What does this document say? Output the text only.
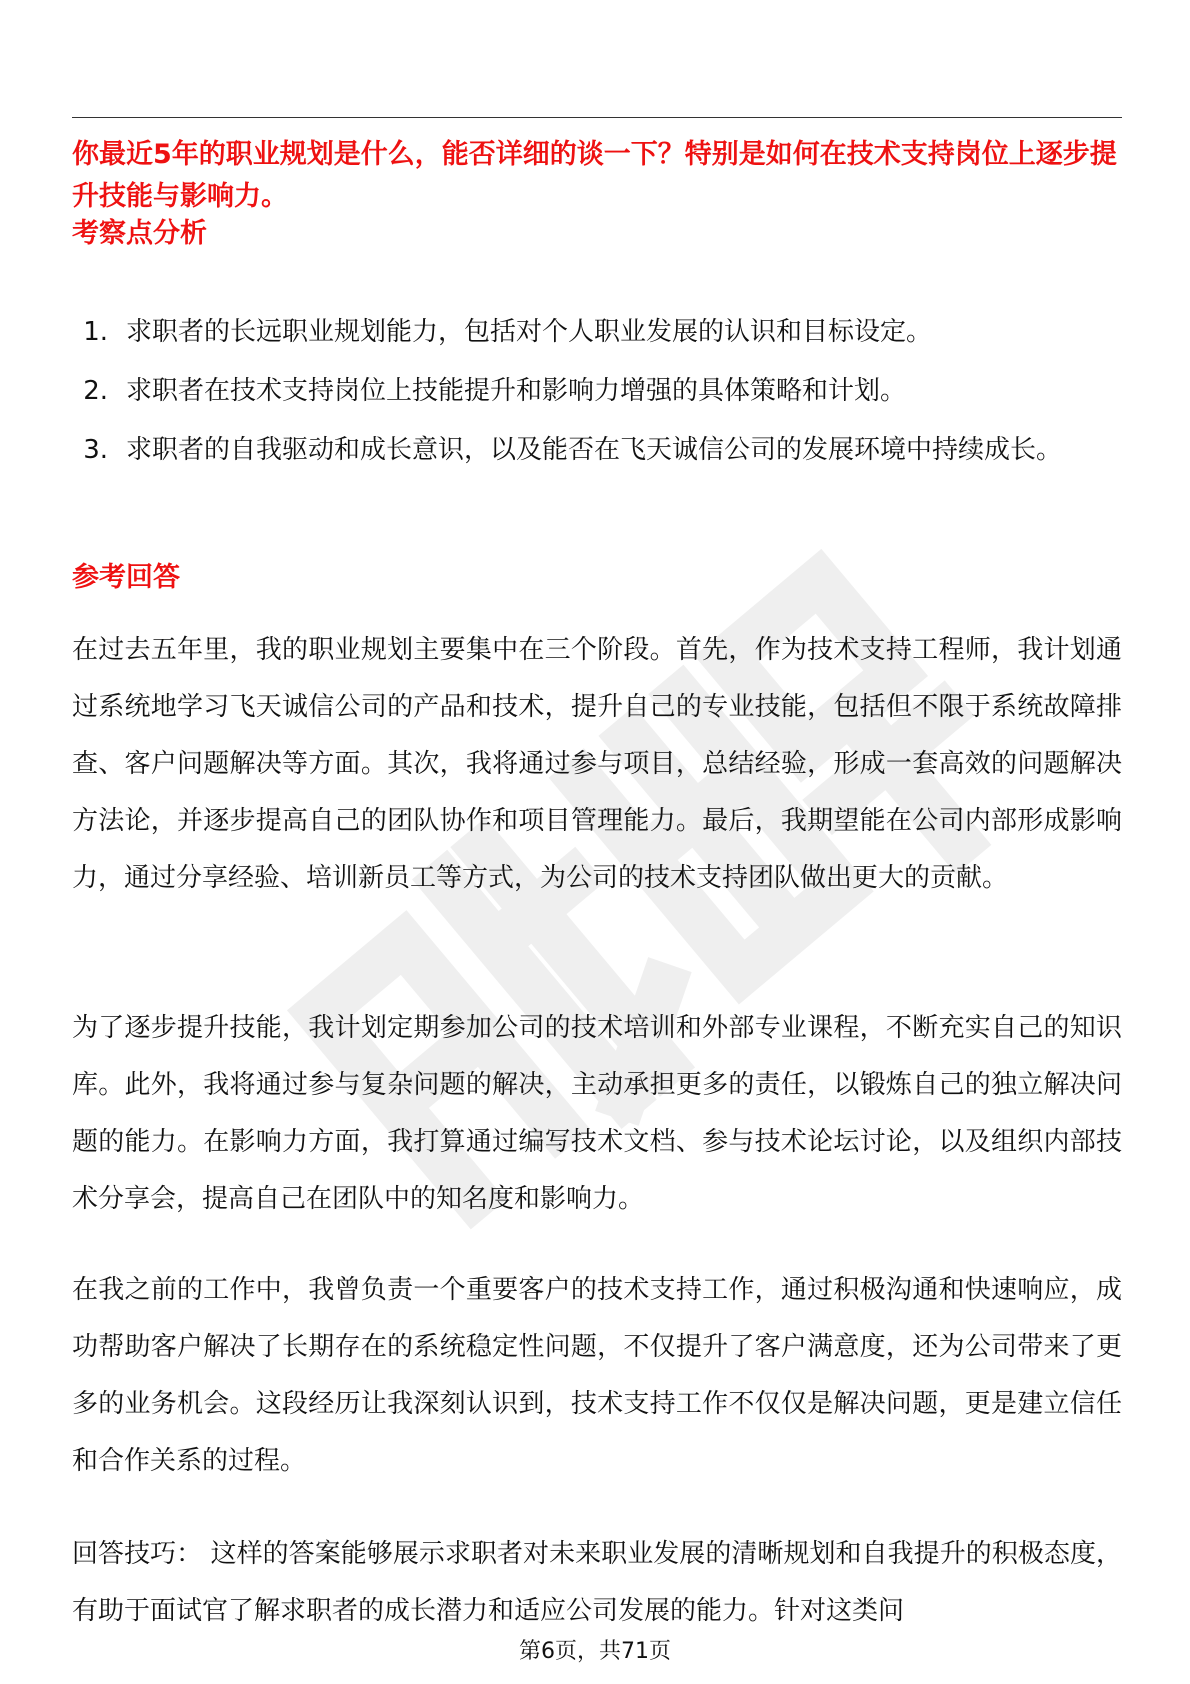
你最近5年的职业规划是什么，能否详细的谈一下？特别是如何在技术支持岗位上逐步提升技能与影响力。

考察点分析
1. 求职者的长远职业规划能力，包括对个人职业发展的认识和目标设定。
2. 求职者在技术支持岗位上技能提升和影响力增强的具体策略和计划。
3. 求职者的自我驱动和成长意识，以及能否在飞天诚信公司的发展环境中持续成长。
参考回答

在过去五年里，我的职业规划主要集中在三个阶段。首先，作为技术支持工程师，我计划通过系统地学习飞天诚信公司的产品和技术，提升自己的专业技能，包括但不限于系统故障排查、客户问题解决等方面。其次，我将通过参与项目，总结经验，形成一套高效的问题解决方法论，并逐步提高自己的团队协作和项目管理能力。最后，我期望能在公司内部形成影响力，通过分享经验、培训新员工等方式，为公司的技术支持团队做出更大的贡献。

为了逐步提升技能，我计划定期参加公司的技术培训和外部专业课程，不断充实自己的知识库。此外，我将通过参与复杂问题的解决，主动承担更多的责任，以锻炼自己的独立解决问题的能力。在影响力方面，我打算通过编写技术文档、参与技术论坛讨论，以及组织内部技术分享会，提高自己在团队中的知名度和影响力。

在我之前的工作中，我曾负责一个重要客户的技术支持工作，通过积极沟通和快速响应，成功帮助客户解决了长期存在的系统稳定性问题，不仅提升了客户满意度，还为公司带来了更多的业务机会。这段经历让我深刻认识到，技术支持工作不仅仅是解决问题，更是建立信任和合作关系的过程。

回答技巧： 这样的答案能够展示求职者对未来职业发展的清晰规划和自我提升的积极态度，有助于面试官了解求职者的成长潜力和适应公司发展的能力。针对这类问

第6页，共71页
